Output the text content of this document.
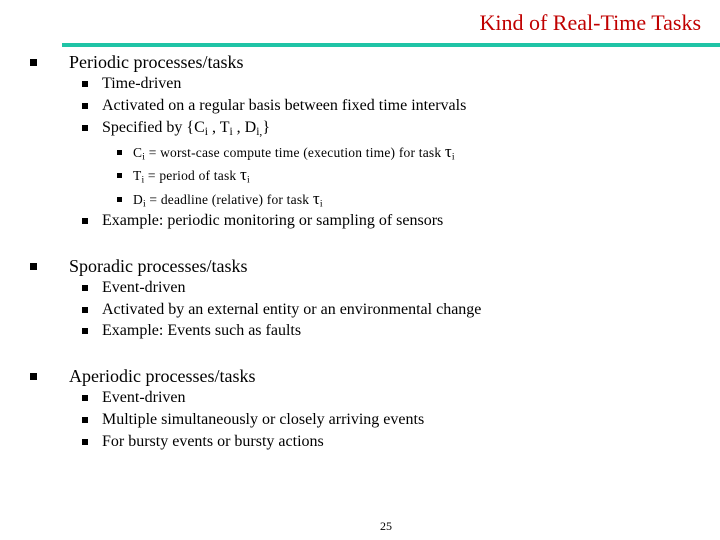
Kind of Real-Time Tasks
Periodic processes/tasks
Time-driven
Activated on a regular basis between fixed time intervals
Specified by {$C_i$ , $T_i$ , $D_{i,}$}
$C_i$ = worst-case compute time (execution time) for task $\tau_i$
$T_i$ = period of task $\tau_i$
$D_i$ = deadline (relative) for task $\tau_i$
Example: periodic monitoring or sampling of sensors
Sporadic processes/tasks
Event-driven
Activated by an external entity or an environmental change
Example: Events such as faults
Aperiodic processes/tasks
Event-driven
Multiple simultaneously or closely arriving events
For bursty events or bursty actions
25
